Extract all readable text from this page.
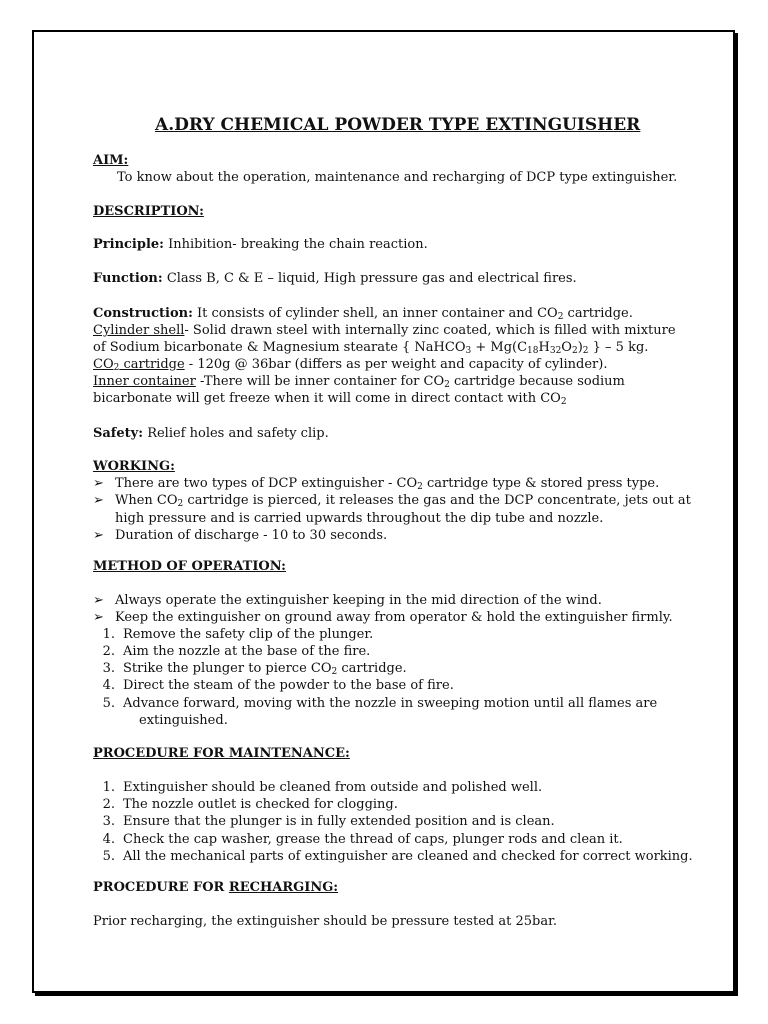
A.DRY CHEMICAL POWDER TYPE EXTINGUISHER
AIM:
To know about the operation, maintenance and recharging of DCP type extinguisher.
DESCRIPTION:
Principle: Inhibition- breaking the chain reaction.
Function: Class B, C & E – liquid, High pressure gas and electrical fires.
Construction: It consists of cylinder shell, an inner container and $CO_2$ cartridge.
Cylinder shell- Solid drawn steel with internally zinc coated, which is filled with mixture
of Sodium bicarbonate & Magnesium stearate { NaHCO$_3$ + $Mg(C_{18}H_{32}O_2)_2$ } – 5 kg.
$CO_2$ cartridge - 120g @ 36bar (differs as per weight and capacity of cylinder).
Inner container -There will be inner container for $CO_2$ cartridge because sodium
bicarbonate will get freeze when it will come in direct contact with $CO_2$
Safety: Relief holes and safety clip.
WORKING:
➢ There are two types of DCP extinguisher - $CO_2$ cartridge type & stored press type.
➢ When $CO_2$ cartridge is pierced, it releases the gas and the DCP concentrate, jets out at
high pressure and is carried upwards throughout the dip tube and nozzle.
➢ Duration of discharge - 10 to 30 seconds.
METHOD OF OPERATION:
➢ Always operate the extinguisher keeping in the mid direction of the wind.
➢ Keep the extinguisher on ground away from operator & hold the extinguisher firmly.
1. Remove the safety clip of the plunger.
2. Aim the nozzle at the base of the fire.
3. Strike the plunger to pierce $CO_2$ cartridge.
4. Direct the steam of the powder to the base of fire.
5. Advance forward, moving with the nozzle in sweeping motion until all flames are
extinguished.
PROCEDURE FOR MAINTENANCE:
1. Extinguisher should be cleaned from outside and polished well.
2. The nozzle outlet is checked for clogging.
3. Ensure that the plunger is in fully extended position and is clean.
4. Check the cap washer, grease the thread of caps, plunger rods and clean it.
5. All the mechanical parts of extinguisher are cleaned and checked for correct working.
PROCEDURE FOR RECHARGING:
Prior recharging, the extinguisher should be pressure tested at 25bar.
